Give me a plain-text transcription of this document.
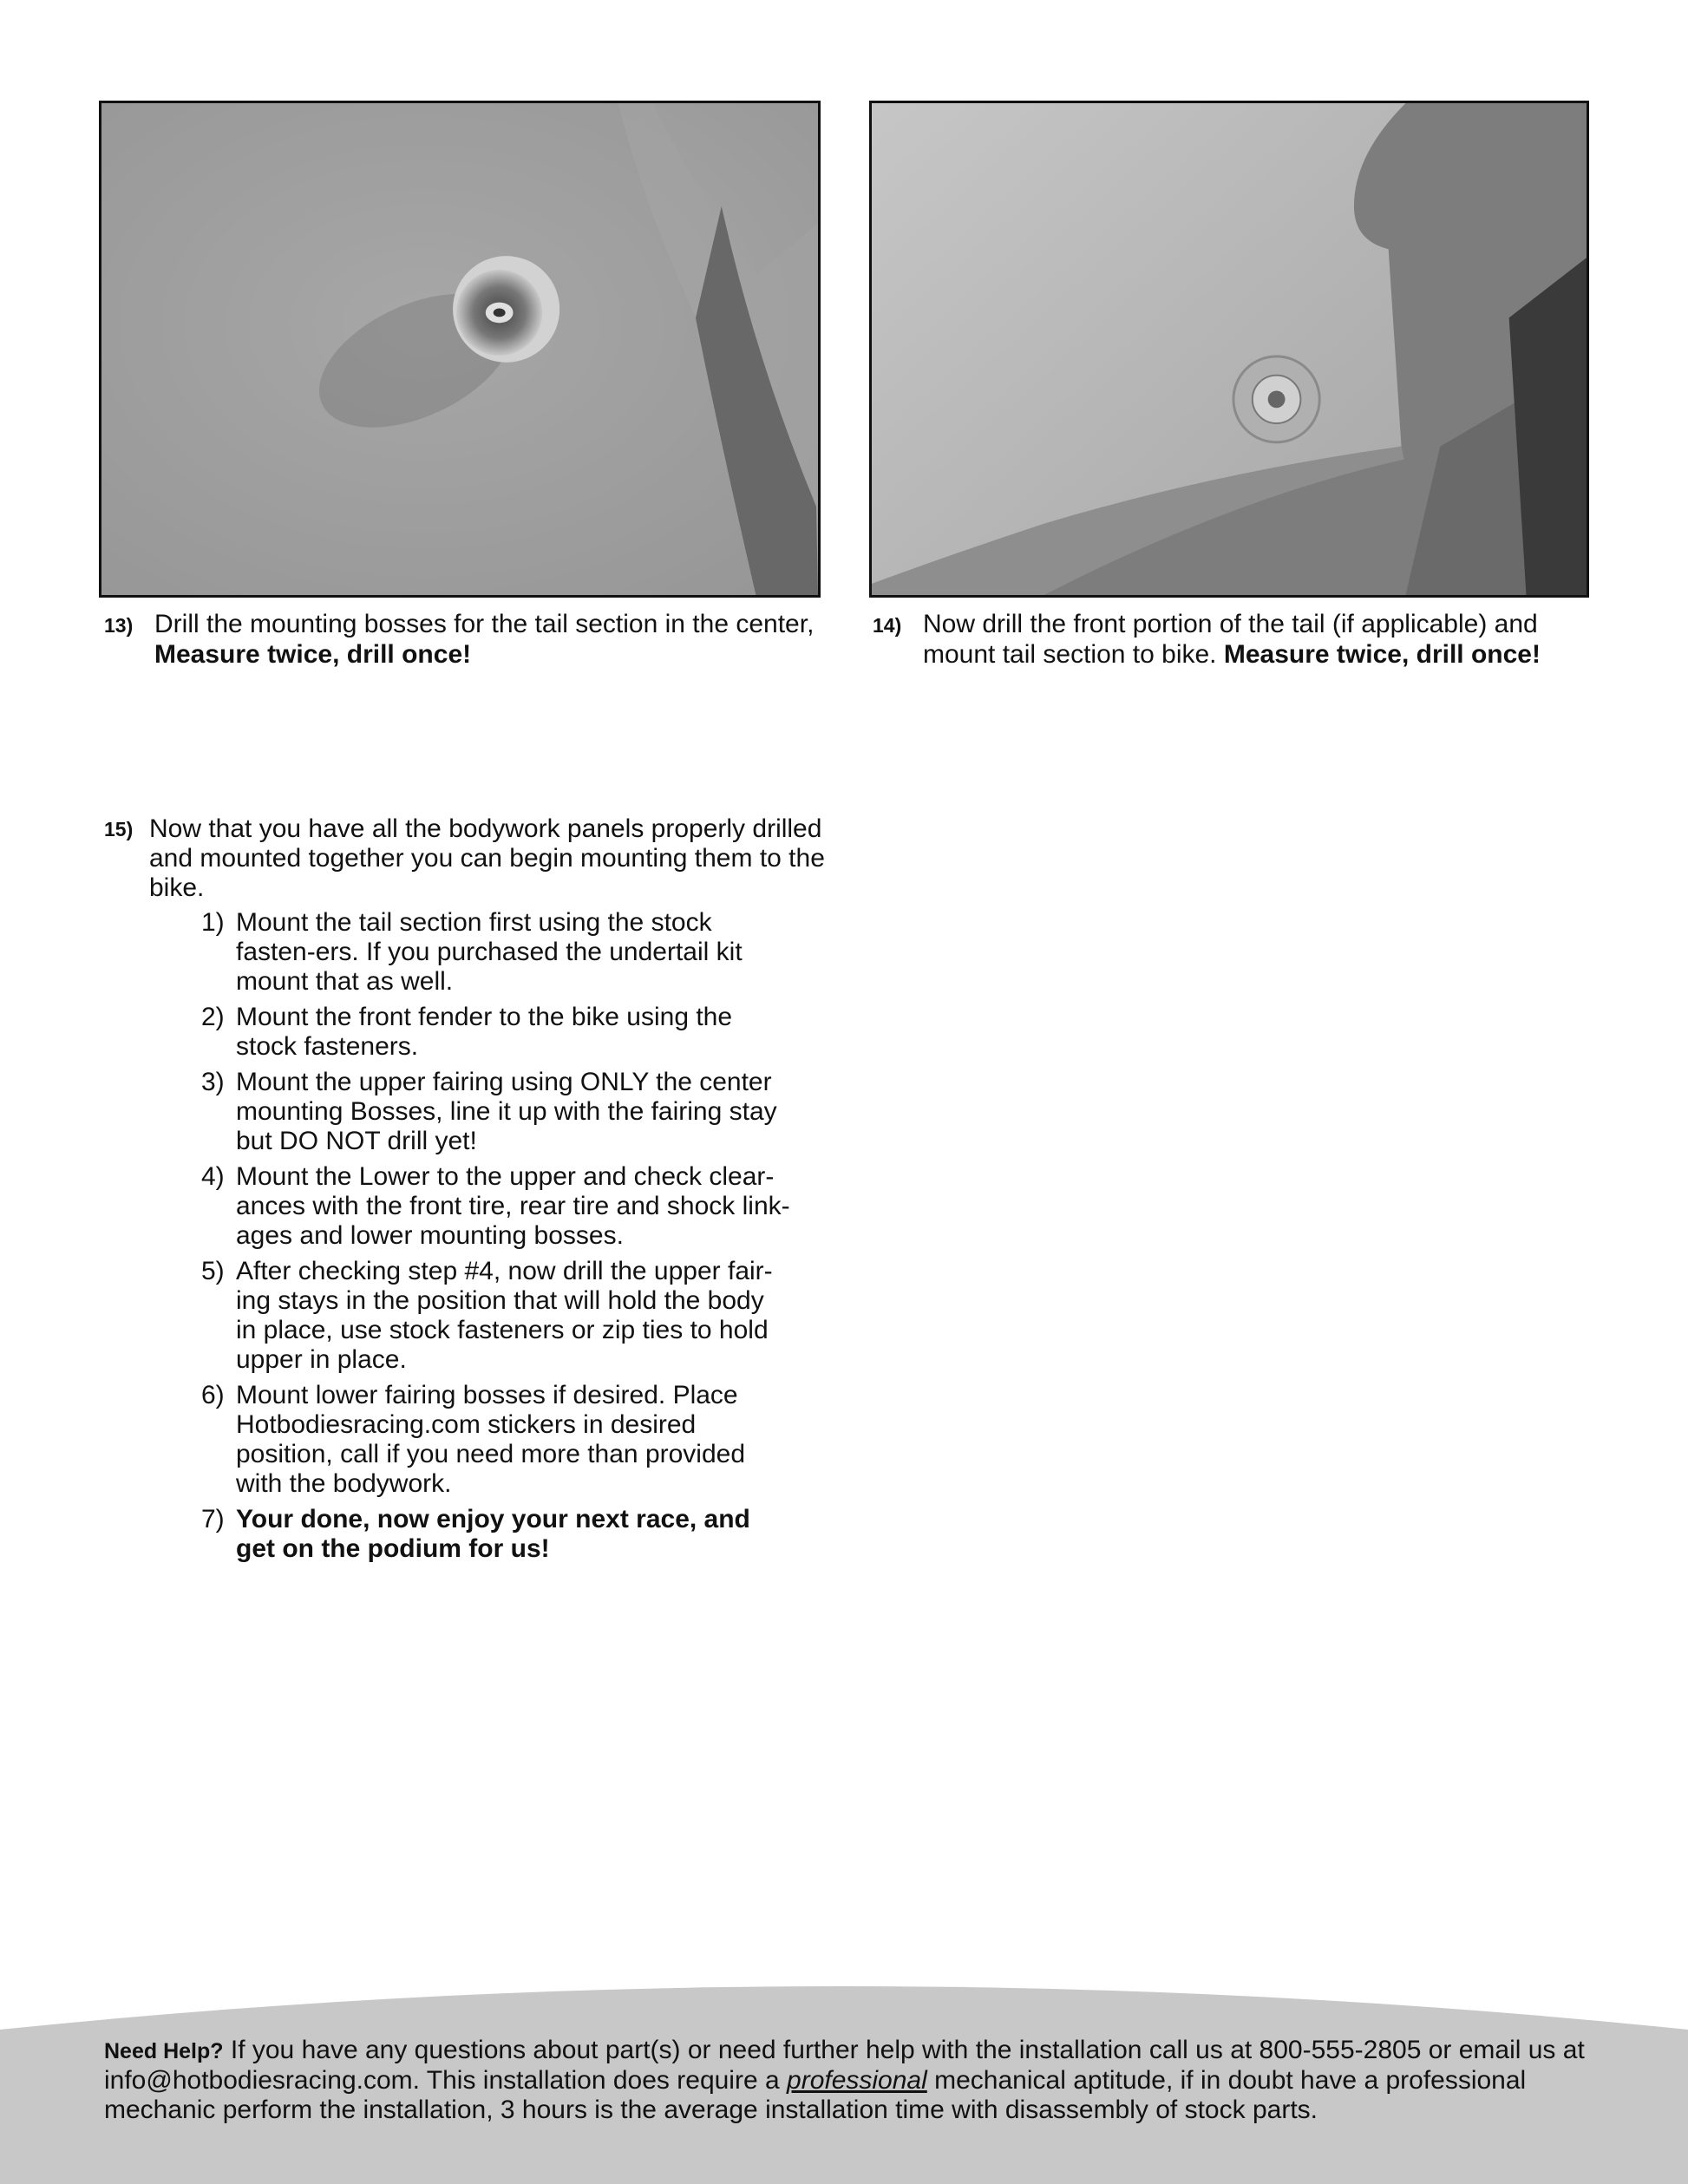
13) Drill the mounting bosses for the tail section in the center, Measure twice, drill once!
14) Now drill the front portion of the tail (if applicable) and mount tail section to bike. Measure twice, drill once!
15) Now that you have all the bodywork panels properly drilled and mounted together you can begin mounting them to the bike.
1) Mount the tail section first using the stock fasten-ers. If you purchased the undertail kit mount that as well.
2) Mount the front fender to the bike using the stock fasteners.
3) Mount the upper fairing using ONLY the center mounting Bosses, line it up with the fairing stay but DO NOT drill yet!
4) Mount the Lower to the upper and check clear-ances with the front tire, rear tire and shock link-ages and lower mounting bosses.
5) After checking step #4, now drill the upper fair-ing stays in the position that will hold the body in place, use stock fasteners or zip ties to hold upper in place.
6) Mount lower fairing bosses if desired. Place Hotbodiesracing.com stickers in desired position, call if you need more than provided with the bodywork.
7) Your done, now enjoy your next race, and get on the podium for us!
Need Help? If you have any questions about part(s) or need further help with the installation call us at 800-555-2805 or email us at info@hotbodiesracing.com. This installation does require a professional mechanical aptitude, if in doubt have a professional mechanic perform the installation, 3 hours is the average installation time with disassembly of stock parts.
